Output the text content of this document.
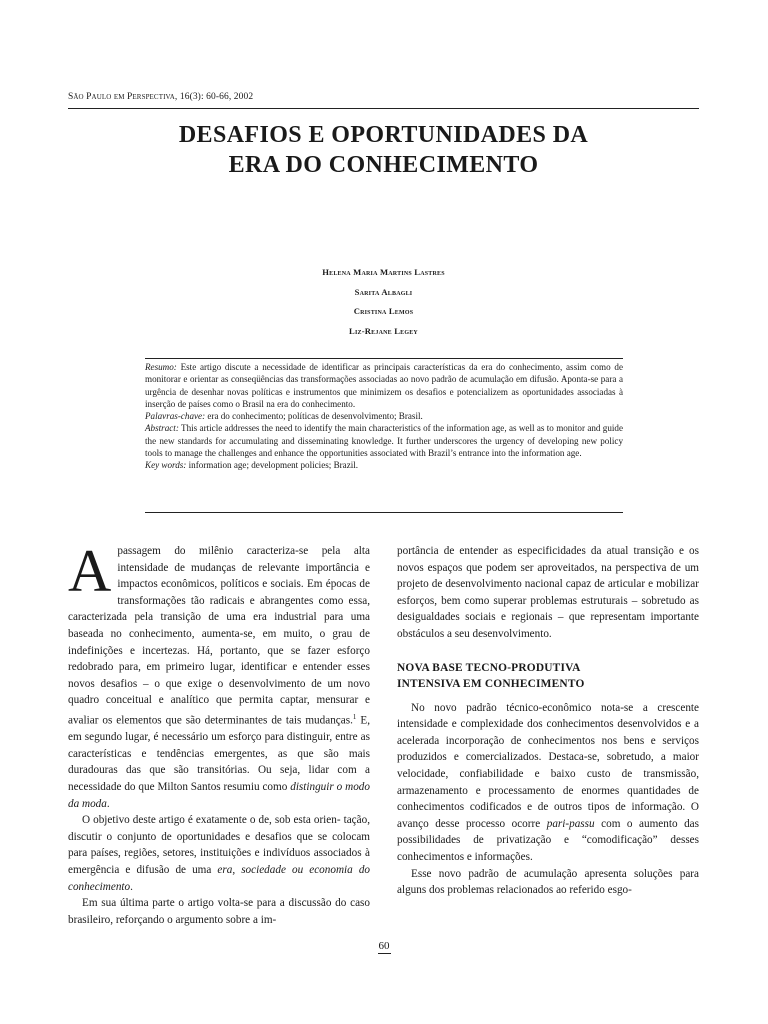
São Paulo em Perspectiva, 16(3): 60-66, 2002
DESAFIOS E OPORTUNIDADES DA
ERA DO CONHECIMENTO
Helena Maria Martins Lastres
Sarita Albagli
Cristina Lemos
Liz-Rejane Legey

Resumo: Este artigo discute a necessidade de identificar as principais características da era do conhecimento, assim como de monitorar e orientar as conseqüências das transformações associadas ao novo padrão de acumulação em difusão. Aponta-se para a urgência de desenhar novas políticas e instrumentos que minimizem os desafios e potencializem as oportunidades associadas à inserção de países como o Brasil na era do conhecimento.

Palavras-chave: era do conhecimento; políticas de desenvolvimento; Brasil.

Abstract: This article addresses the need to identify the main characteristics of the information age, as well as to monitor and guide the new standards for accumulating and disseminating knowledge. It further underscores the urgency of developing new policy tools to manage the challenges and enhance the opportunities associated with Brazil’s entrance into the information age.

Key words: information age; development policies; Brazil.

Apassagem do milênio caracteriza-se pela alta intensidade de mudanças de relevante importância e impactos econômicos, políticos e sociais. Em épocas de transformações tão radicais e abrangentes como essa, caracterizada pela transição de uma era industrial para uma baseada no conhecimento, aumenta-se, em muito, o grau de indefinições e incertezas. Há, portanto, que se fazer esforço redobrado para, em primeiro lugar, identificar e entender esses novos desafios – o que exige o desenvolvimento de um novo quadro conceitual e analítico que permita captar, mensurar e avaliar os elementos que são determinantes de tais mudanças.$^1$ E, em segundo lugar, é necessário um esforço para distinguir, entre as características e tendências emergentes, as que são mais duradouras das que são transitórias. Ou seja, lidar com a necessidade do que Milton Santos resumiu como distinguir o modo da moda.

O objetivo deste artigo é exatamente o de, sob esta orien- tação, discutir o conjunto de oportunidades e desafios que se colocam para países, regiões, setores, instituições e indivíduos associados à emergência e difusão de uma era, sociedade ou economia do conhecimento.

Em sua última parte o artigo volta-se para a discussão do caso brasileiro, reforçando o argumento sobre a im-

portância de entender as especificidades da atual transição e os novos espaços que podem ser aproveitados, na perspectiva de um projeto de desenvolvimento nacional capaz de articular e mobilizar esforços, bem como superar problemas estruturais – sobretudo as desigualdades sociais e regionais – que representam importante obstáculos a seu desenvolvimento.

NOVA BASE TECNO-PRODUTIVA
INTENSIVA EM CONHECIMENTO

No novo padrão técnico-econômico nota-se a crescente intensidade e complexidade dos conhecimentos desenvolvidos e a acelerada incorporação de conhecimentos nos bens e serviços produzidos e comercializados. Destaca-se, sobretudo, a maior velocidade, confiabilidade e baixo custo de transmissão, armazenamento e processamento de enormes quantidades de conhecimentos codificados e de outros tipos de informação. O avanço desse processo ocorre pari-passu com o aumento das possibilidades de privatização e “comodificação” desses conhecimentos e informações.

Esse novo padrão de acumulação apresenta soluções para alguns dos problemas relacionados ao referido esgo-

60
